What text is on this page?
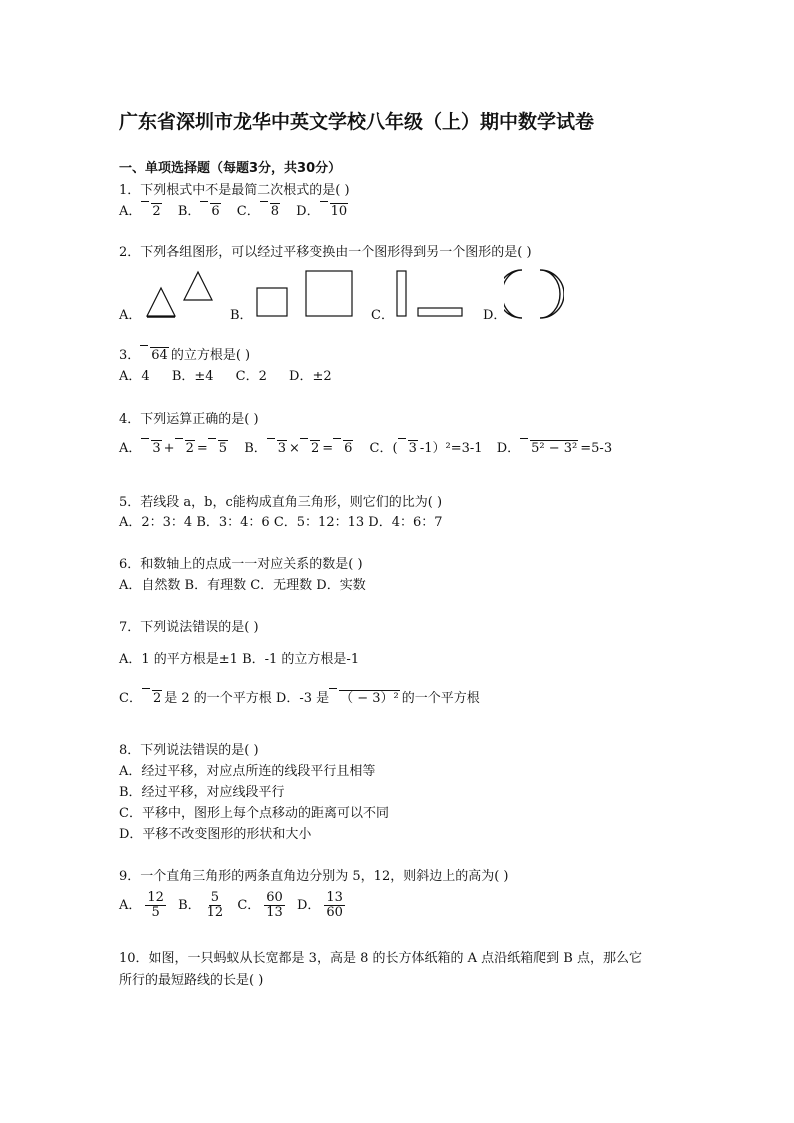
广东省深圳市龙华中英文学校八年级（上）期中数学试卷
一、单项选择题（每题3分，共30分）
1．下列根式中不是最简二次根式的是( )
A． 2 B． 6 C． 8 D． 10
2．下列各组图形，可以经过平移变换由一个图形得到另一个图形的是( )
A．	B．	C．	D．
3． 64 的立方根是( )
A．4 B．±4 C．2 D．±2
4．下列运算正确的是( )
A． 3 + 2 = 5 B． 3 × 2 = 6 C．( 3 -1）²=3-1 D． 5² − 3² =5-3
5．若线段 a，b，c能构成直角三角形，则它们的比为( )
A．2：3：4 B．3：4：6 C．5：12：13 D．4：6：7
6．和数轴上的点成一一对应关系的数是( )
A．自然数 B．有理数 C．无理数 D．实数
7．下列说法错误的是( )
A．1 的平方根是±1 B．-1 的立方根是-1
C． 2 是 2 的一个平方根 D．-3 是 （ − 3）² 的一个平方根
8．下列说法错误的是( )
A．经过平移，对应点所连的线段平行且相等
B．经过平移，对应线段平行
C．平移中，图形上每个点移动的距离可以不同
D．平移不改变图形的形状和大小
9．一个直角三角形的两条直角边分别为 5，12，则斜边上的高为( )
A． $\frac{12}{5}$ B． $\frac{5}{12}$ C． $\frac{60}{13}$ D． $\frac{13}{60}$
10．如图，一只蚂蚁从长宽都是 3，高是 8 的长方体纸箱的 A 点沿纸箱爬到 B 点，那么它
所行的最短路线的长是( )
